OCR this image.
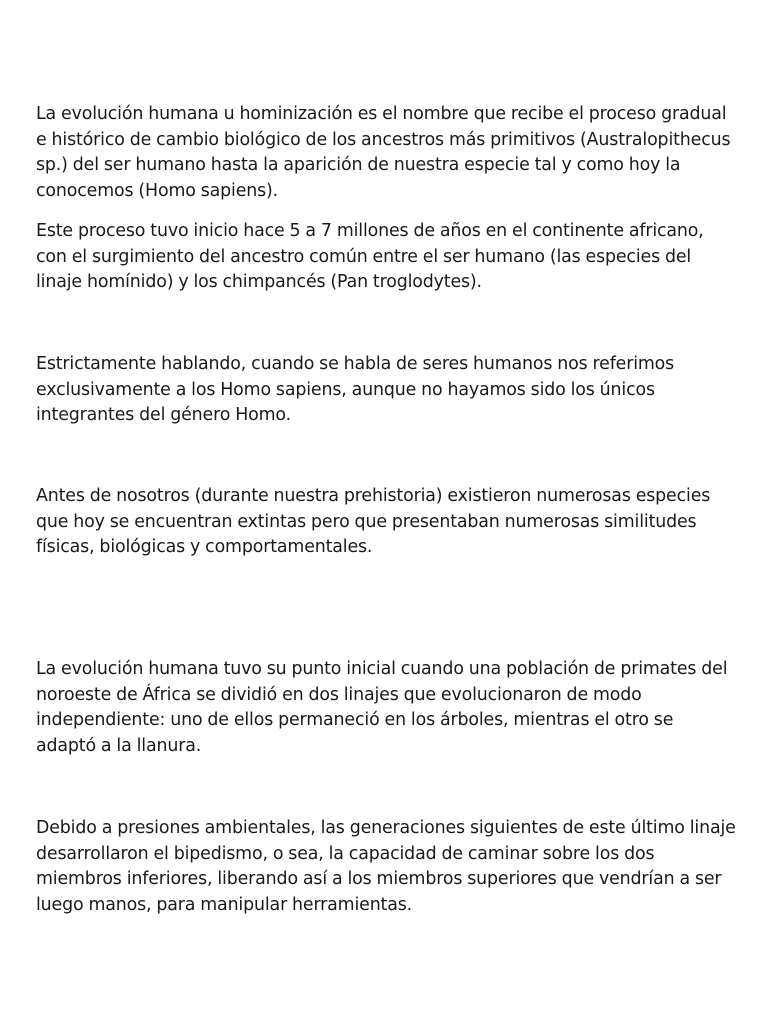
La evolución humana u hominización es el nombre que recibe el proceso gradual e histórico de cambio biológico de los ancestros más primitivos (Australopithecus sp.) del ser humano hasta la aparición de nuestra especie tal y como hoy la conocemos (Homo sapiens).

Este proceso tuvo inicio hace 5 a 7 millones de años en el continente africano, con el surgimiento del ancestro común entre el ser humano (las especies del linaje homínido) y los chimpancés (Pan troglodytes).

Estrictamente hablando, cuando se habla de seres humanos nos referimos exclusivamente a los Homo sapiens, aunque no hayamos sido los únicos integrantes del género Homo.

Antes de nosotros (durante nuestra prehistoria) existieron numerosas especies que hoy se encuentran extintas pero que presentaban numerosas similitudes físicas, biológicas y comportamentales.

La evolución humana tuvo su punto inicial cuando una población de primates del noroeste de África se dividió en dos linajes que evolucionaron de modo independiente: uno de ellos permaneció en los árboles, mientras el otro se adaptó a la llanura.

Debido a presiones ambientales, las generaciones siguientes de este último linaje desarrollaron el bipedismo, o sea, la capacidad de caminar sobre los dos miembros inferiores, liberando así a los miembros superiores que vendrían a ser luego manos, para manipular herramientas.
